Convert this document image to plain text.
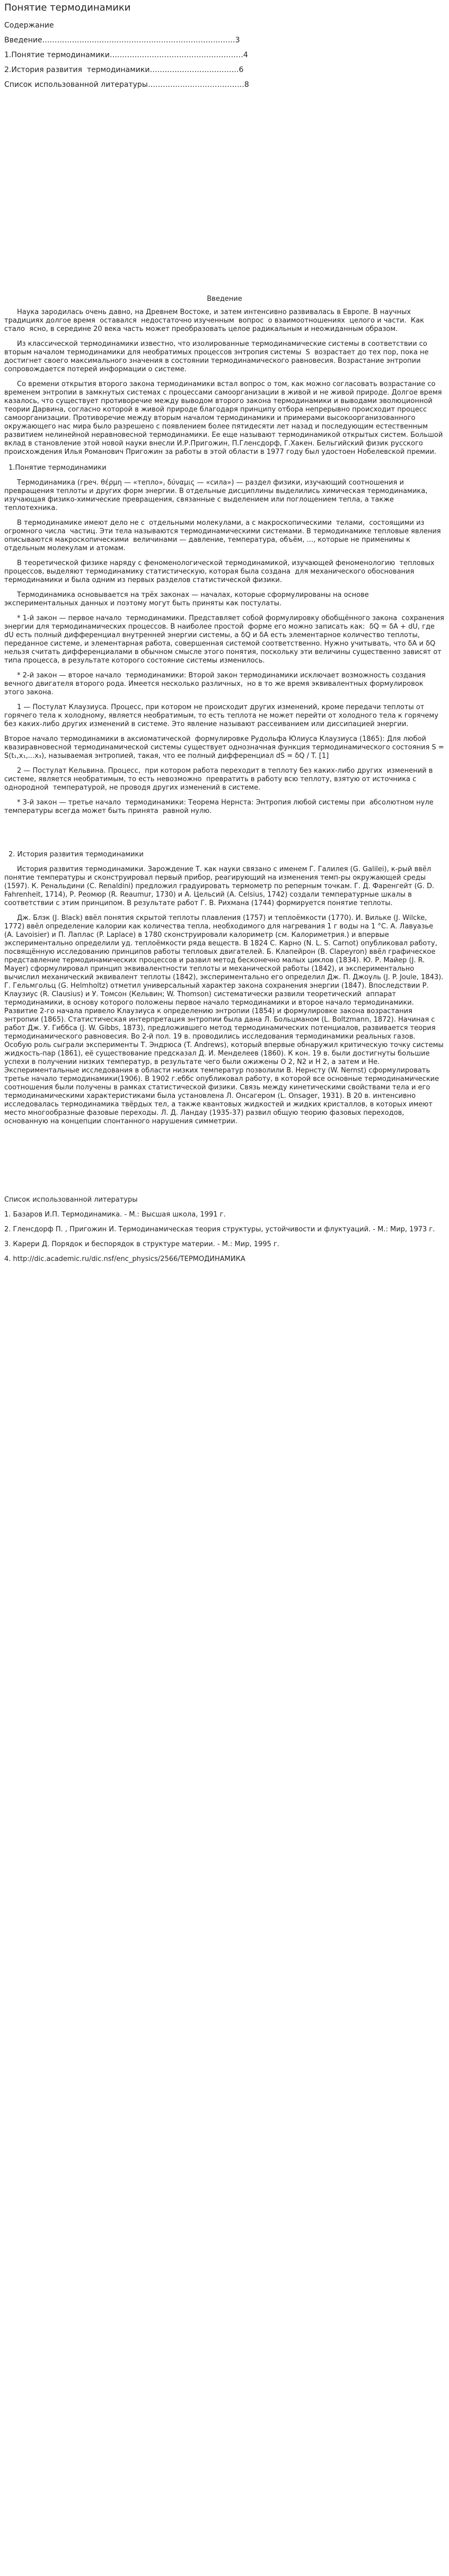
Понятие термодинамики
Содержание
Введение……………………………………………………………………3
1.Понятие термодинамики………………………………………………4
2.История развития  термодинамики………………………………6
Список использованной литературы…………………………………8
Введение

Наука зародилась очень давно, на Древнем Востоке, и затем интенсивно развивалась в Европе. В научных традициях долгое время  оставался  недостаточно изученным  вопрос  о взаимоотношениях  целого и части.  Как стало  ясно, в середине 20 века часть может преобразовать целое радикальным и неожиданным образом.

Из классической термодинамики известно, что изолированные термодинамические системы в соответствии со вторым началом термодинамики для необратимых процессов энтропия системы  S  возрастает до тех пор, пока не достигнет своего максимального значения в состоянии термодинамического равновесия. Возрастание энтропии сопровождается потерей информации о системе.

Со времени открытия второго закона термодинамики встал вопрос о том, как можно согласовать возрастание со временем энтропии в замкнутых системах с процессами самоорганизации в живой и не живой природе. Долгое время казалось, что существует противоречие между выводом второго закона термодинамики и выводами эволюционной теории Дарвина, согласно которой в живой природе благодаря принципу отбора непрерывно происходит процесс самоорганизации. Противоречие между вторым началом термодинамики и примерами высокоорганизованного окружающего нас мира было разрешено с появлением более пятидесяти лет назад и последующим естественным развитием нелинейной неравновесной термодинамики. Ее еще называют термодинамикой открытых систем. Большой вклад в становление этой новой науки внесли И.Р.Пригожин, П.Гленсдорф, Г.Хакен. Бельгийский физик русского происхождения Илья Романович Пригожин за работы в этой области в 1977 году был удостоен Нобелевской премии.

1.Понятие термодинамики

Термодинамика (греч. θέρμη — «тепло», δύναμις — «сила») — раздел физики, изучающий соотношения и превращения теплоты и других форм энергии. В отдельные дисциплины выделились химическая термодинамика, изучающая физико-химические превращения, связанные с выделением или поглощением тепла, а также теплотехника.

В термодинамике имеют дело не с  отдельными молекулами, а с макроскопическими  телами,  состоящими из огромного числа  частиц. Эти тела называются термодинамическими системами. В термодинамике тепловые явления описываются макроскопическими  величинами — давление, температура, объём, ..., которые не применимы к  отдельным молекулам и атомам.

В теоретической физике наряду с феноменологической термодинамикой, изучающей феноменологию  тепловых процессов, выделяют термодинамику статистическую, которая была создана  для механического обоснования термодинамики и была одним из первых разделов статистической физики.

Термодинамика основывается на трёх законах — началах, которые сформулированы на основе экспериментальных данных и поэтому могут быть приняты как постулаты.

* 1-й закон — первое начало  термодинамики. Представляет собой формулировку обобщённого закона  сохранения энергии для термодинамических процессов. В наиболее простой  форме его можно записать как:  δQ = δA + dU, где dU есть полный дифференциал внутренней энергии системы, а δQ и δA есть элементарное количество теплоты, переданное системе, и элементарная работа, совершенная системой соответственно. Нужно учитывать, что δA и δQ нельзя считать дифференциалами в обычном смысле этого понятия, поскольку эти величины существенно зависят от типа процесса, в результате которого состояние системы изменилось.

* 2-й закон — второе начало  термодинамики: Второй закон термодинамики исключает возможность создания  вечного двигателя второго рода. Имеется несколько различных,  но в то же время эквивалентных формулировок этого закона.

1 — Постулат Клаузиуса. Процесс, при котором не происходит других изменений, кроме передачи теплоты от горячего тела к холодному, является необратимым, то есть теплота не может перейти от холодного тела к горячему без каких-либо других изменений в системе. Это явление называют рассеиванием или диссипацией энергии.

Второе начало термодинамики в аксиоматической  формулировке Рудольфа Юлиуса Клаузиуса (1865): Для любой квазиравновесной термодинамической системы существует однозначная функция термодинамического состояния S = S(t₁,x₁,...x₃), называемая энтропией, такая, что ее полный дифференциал dS = δQ / T. [1]

2 — Постулат Кельвина. Процесс,  при котором работа переходит в теплоту без каких-либо других  изменений в системе, является необратимым, то есть невозможно  превратить в работу всю теплоту, взятую от источника с однородной  температурой, не проводя других изменений в системе.

* 3-й закон — третье начало  термодинамики: Теорема Нернста: Энтропия любой системы при  абсолютном нуле температуры всегда может быть принята  равной нулю.

2. История развития термодинамики

История развития термодинамики. Зарождение Т. как науки связано с именем Г. Галилея (G. Galilei), к-рый ввёл понятие температуры и сконструировал первый прибор, реагирующий на изменения темп-ры окружающей среды (1597). К. Ренальдини (C. Renaldini) предложил градуировать термометр по реперным точкам. Г. Д. Фаренгейт (G. D. Fahrenheit, 1714), Р. Реомюр (R. Reaumur, 1730) и А. Цельсий (A. Celsius, 1742) создали температурные шкалы в соответствии с этим принципом. В результате работ Г. В. Рихмана (1744) формируется понятие теплоты.

Дж. Блэк (J. Black) ввёл понятия скрытой теплоты плавления (1757) и теплоёмкости (1770). И. Вильке (J. Wilcke, 1772) ввёл определение калории как количества тепла, необходимого для нагревания 1 г воды на 1 °С. А. Лавуазье (A. Lavoisier) и П. Лаплас (P. Laplace) в 1780 сконструировали калориметр (см. Калориметрия.) и впервые экспериментально определили уд. теплоёмкости ряда веществ. В 1824 С. Карно (N. L. S. Carnot) опубликовал работу, посвящённую исследованию принципов работы тепловых двигателей. Б. Клапейрон (B. Clapeyron) ввёл графическое представление термодинамических процессов и развил метод бесконечно малых циклов (1834). Ю. Р. Майер (J. R. Mayer) сформулировал принцип эквивалентности теплоты и механической работы (1842), и экспериментально вычислил механический эквивалент теплоты (1842), экспериментально его определил Дж. П. Джоуль (J. P. Joule, 1843). Г. Гельмгольц (G. Helmholtz) отметил универсальный характер закона сохранения энергии (1847). Впоследствии Р. Клаузиус (R. Clausius) и У. Томсон (Кельвин; W. Thomson) систематически развили теоретический  аппарат термодинамики, в основу которого положены первое начало термодинамики и второе начало термодинамики. Развитие 2-го начала привело Клаузиуса к определению энтропии (1854) и формулировке закона возрастания энтропии (1865). Статистическая интерпретация энтропии была дана Л. Больцманом (L. Boltzmann, 1872). Начиная с работ Дж. У. Гиббса (J. W. Gibbs, 1873), предложившего метод термодинамических потенциалов, развивается теория термодинамического равновесия. Во 2-й пол. 19 в. проводились исследования термодинамики реальных газов. Особую роль сыграли эксперименты Т. Эндрюса (T. Andrews), который впервые обнаружил критическую точку системы жидкость-пар (1861), её существование предсказал Д. И. Менделеев (1860). К кон. 19 в. были достигнуты большие успехи в получении низких температур, в результате чего были ожижены O 2, N2 и H 2, а затем и He. Экспериментальные исследования в области низких температур позволили В. Нернсту (W. Nernst) сформулировать третье начало термодинамики(1906). В 1902 г.еббс опубликовал работу, в которой все основные термодинамические соотношения были получены в рамках статистической физики. Связь между кинетическими свойствами тела и его термодинамическими характеристиками была установлена Л. Онсагером (L. Onsager, 1931). В 20 в. интенсивно исследовалась термодинамика твёрдых тел, а также квантовых жидкостей и жидких кристаллов, в которых имеют место многообразные фазовые переходы. Л. Д. Ландау (1935-37) развил общую теорию фазовых переходов, основанную на концепции спонтанного нарушения симметрии.

Список использованной литературы
1. Базаров И.П. Термодинамика. - М.: Высшая школа, 1991 г.
2. Гленсдорф П. , Пригожин И. Термодинамическая теория структуры, устойчивости и флуктуаций. - М.: Мир, 1973 г.
3. Карери Д. Порядок и беспорядок в структуре материи. - М.: Мир, 1995 г.
4. http://dic.academic.ru/dic.nsf/enc_physics/2566/ТЕРМОДИНАМИКА
